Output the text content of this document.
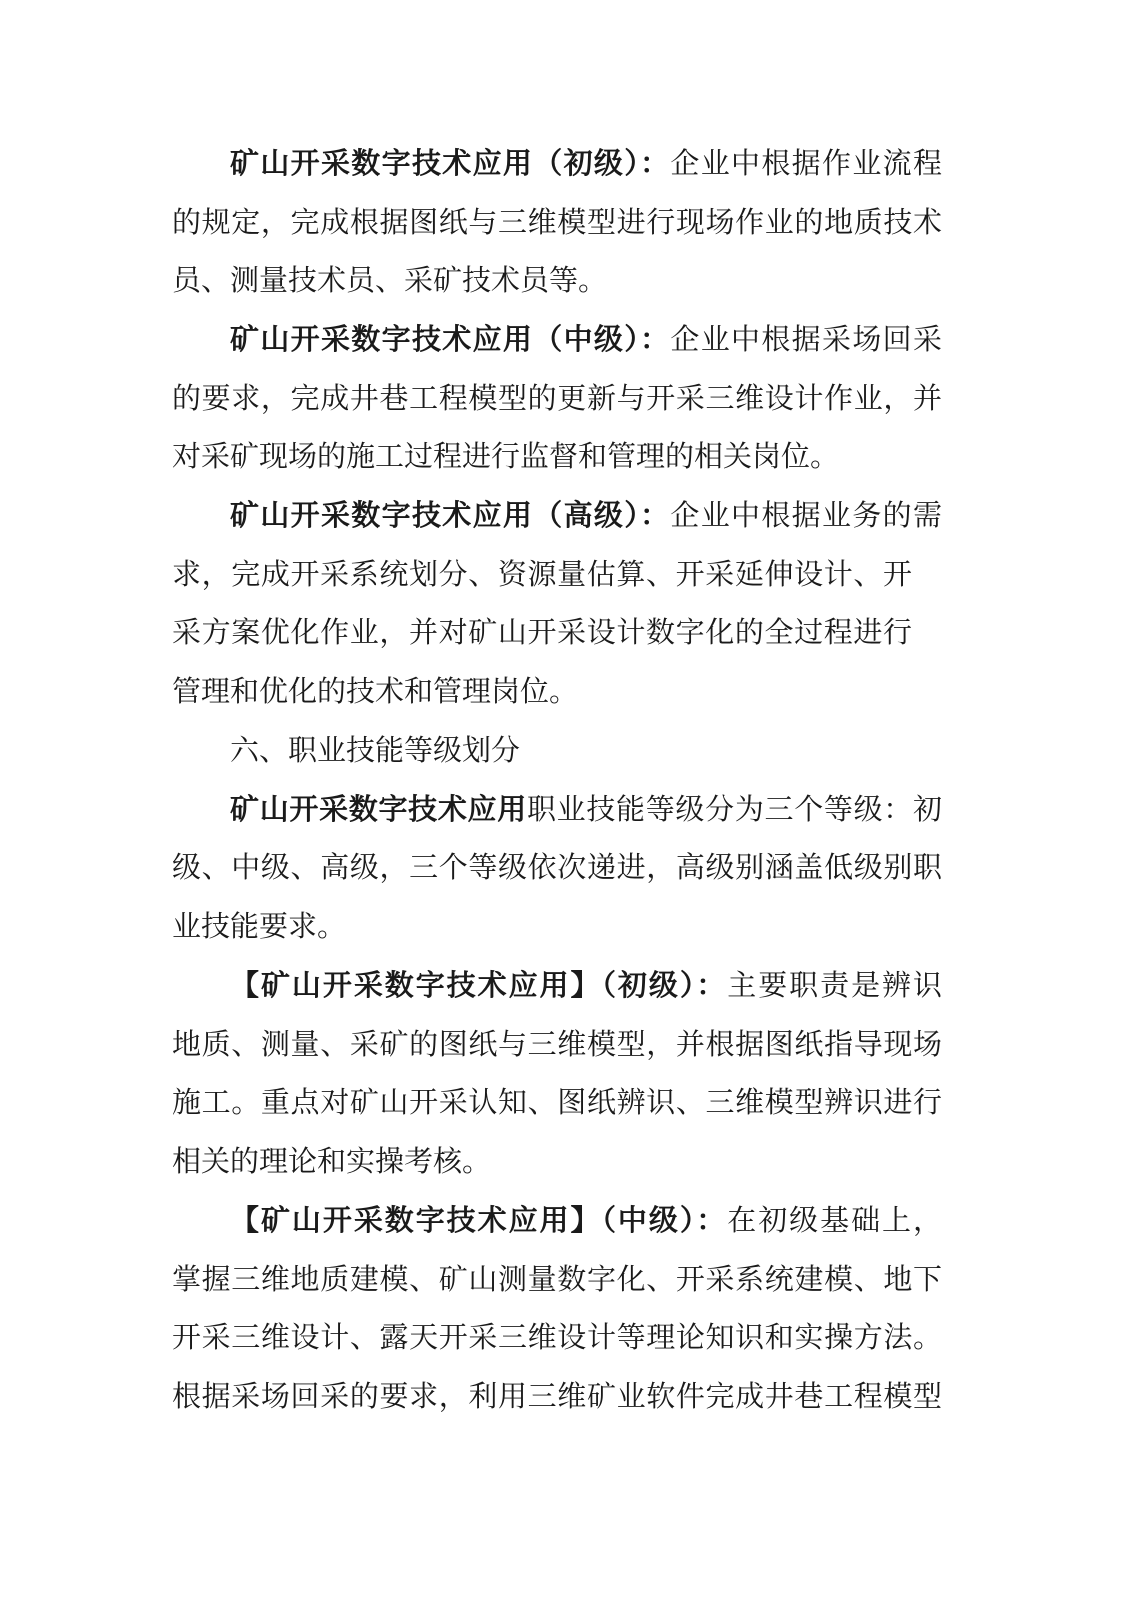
矿山开采数字技术应用（初级）：企业中根据作业流程
的规定，完成根据图纸与三维模型进行现场作业的地质技术
员、测量技术员、采矿技术员等。
矿山开采数字技术应用（中级）：企业中根据采场回采
的要求，完成井巷工程模型的更新与开采三维设计作业，并
对采矿现场的施工过程进行监督和管理的相关岗位。
矿山开采数字技术应用（高级）：企业中根据业务的需
求，完成开采系统划分、资源量估算、开采延伸设计、开
采方案优化作业，并对矿山开采设计数字化的全过程进行
管理和优化的技术和管理岗位。
六、职业技能等级划分
矿山开采数字技术应用职业技能等级分为三个等级：初
级、中级、高级，三个等级依次递进，高级别涵盖低级别职
业技能要求。
【矿山开采数字技术应用】（初级）：主要职责是辨识
地质、测量、采矿的图纸与三维模型，并根据图纸指导现场
施工。重点对矿山开采认知、图纸辨识、三维模型辨识进行
相关的理论和实操考核。
【矿山开采数字技术应用】（中级）：在初级基础上，
掌握三维地质建模、矿山测量数字化、开采系统建模、地下
开采三维设计、露天开采三维设计等理论知识和实操方法。
根据采场回采的要求，利用三维矿业软件完成井巷工程模型
